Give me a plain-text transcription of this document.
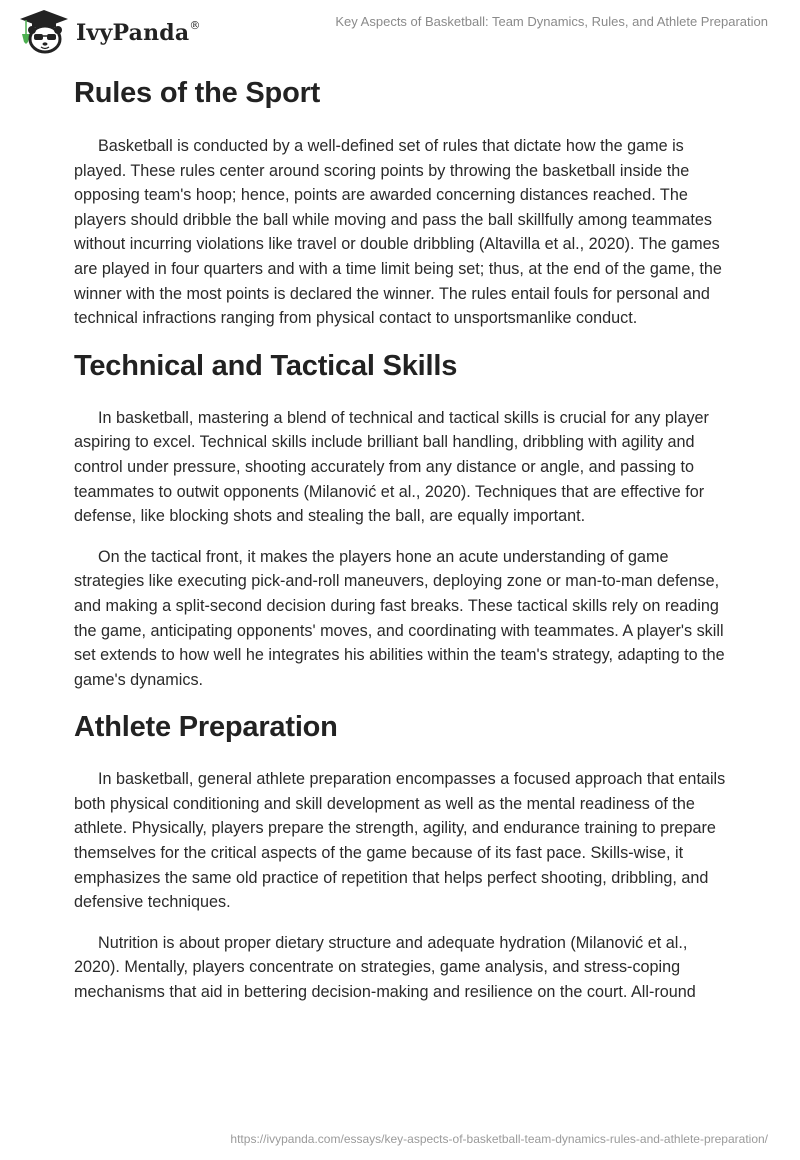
IvyPanda®	Key Aspects of Basketball: Team Dynamics, Rules, and Athlete Preparation
Rules of the Sport

Basketball is conducted by a well-defined set of rules that dictate how the game is played. These rules center around scoring points by throwing the basketball inside the opposing team's hoop; hence, points are awarded concerning distances reached. The players should dribble the ball while moving and pass the ball skillfully among teammates without incurring violations like travel or double dribbling (Altavilla et al., 2020). The games are played in four quarters and with a time limit being set; thus, at the end of the game, the winner with the most points is declared the winner. The rules entail fouls for personal and technical infractions ranging from physical contact to unsportsmanlike conduct.

Technical and Tactical Skills

In basketball, mastering a blend of technical and tactical skills is crucial for any player aspiring to excel. Technical skills include brilliant ball handling, dribbling with agility and control under pressure, shooting accurately from any distance or angle, and passing to teammates to outwit opponents (Milanović et al., 2020). Techniques that are effective for defense, like blocking shots and stealing the ball, are equally important.

On the tactical front, it makes the players hone an acute understanding of game strategies like executing pick-and-roll maneuvers, deploying zone or man-to-man defense, and making a split-second decision during fast breaks. These tactical skills rely on reading the game, anticipating opponents' moves, and coordinating with teammates. A player's skill set extends to how well he integrates his abilities within the team's strategy, adapting to the game's dynamics.

Athlete Preparation

In basketball, general athlete preparation encompasses a focused approach that entails both physical conditioning and skill development as well as the mental readiness of the athlete. Physically, players prepare the strength, agility, and endurance training to prepare themselves for the critical aspects of the game because of its fast pace. Skills-wise, it emphasizes the same old practice of repetition that helps perfect shooting, dribbling, and defensive techniques.

Nutrition is about proper dietary structure and adequate hydration (Milanović et al., 2020). Mentally, players concentrate on strategies, game analysis, and stress-coping mechanisms that aid in bettering decision-making and resilience on the court. All-round

https://ivypanda.com/essays/key-aspects-of-basketball-team-dynamics-rules-and-athlete-preparation/
